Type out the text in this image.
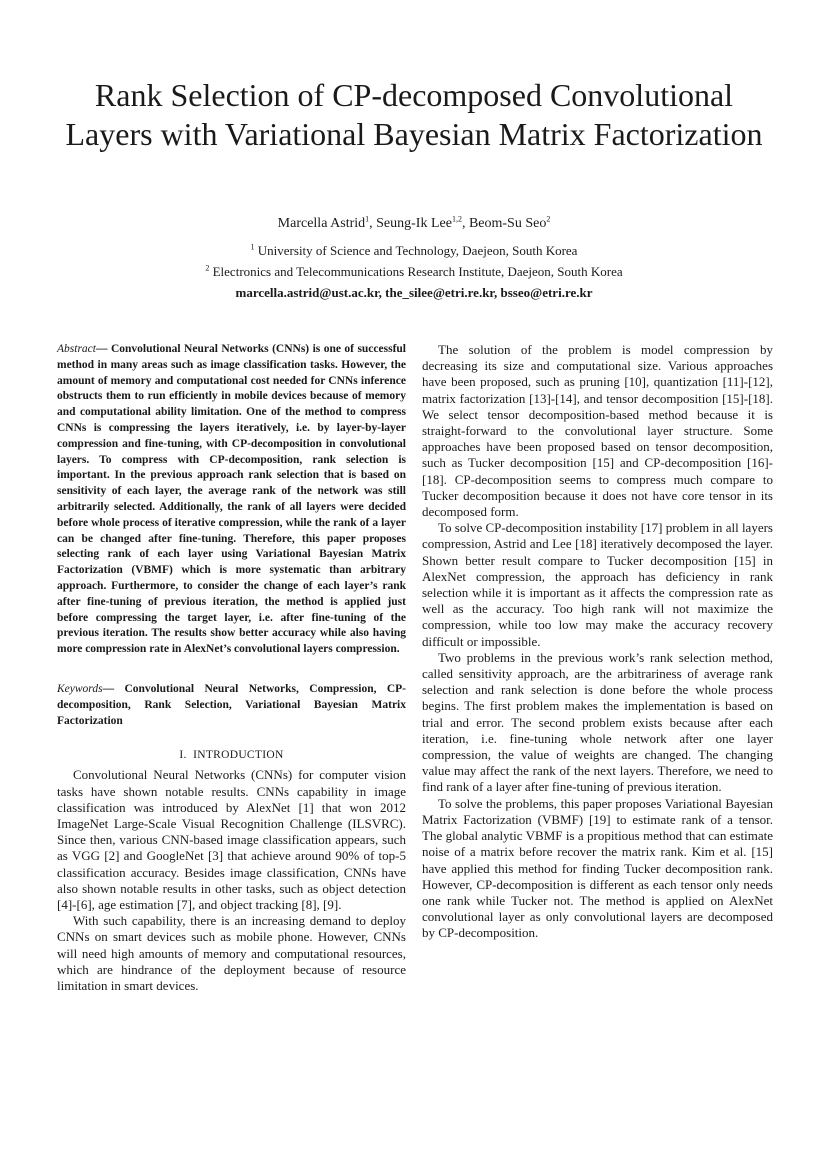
Rank Selection of CP-decomposed Convolutional Layers with Variational Bayesian Matrix Factorization
Marcella Astrid$^1$, Seung-Ik Lee$^{1,2}$, Beom-Su Seo$^2$
$^1$ University of Science and Technology, Daejeon, South Korea
$^2$ Electronics and Telecommunications Research Institute, Daejeon, South Korea
marcella.astrid@ust.ac.kr, the_silee@etri.re.kr, bsseo@etri.re.kr

Abstract— Convolutional Neural Networks (CNNs) is one of successful method in many areas such as image classification tasks. However, the amount of memory and computational cost needed for CNNs inference obstructs them to run efficiently in mobile devices because of memory and computational ability limitation. One of the method to compress CNNs is compressing the layers iteratively, i.e. by layer-by-layer compression and fine-tuning, with CP-decomposition in convolutional layers. To compress with CP-decomposition, rank selection is important. In the previous approach rank selection that is based on sensitivity of each layer, the average rank of the network was still arbitrarily selected. Additionally, the rank of all layers were decided before whole process of iterative compression, while the rank of a layer can be changed after fine-tuning. Therefore, this paper proposes selecting rank of each layer using Variational Bayesian Matrix Factorization (VBMF) which is more systematic than arbitrary approach. Furthermore, to consider the change of each layer’s rank after fine-tuning of previous iteration, the method is applied just before compressing the target layer, i.e. after fine-tuning of the previous iteration. The results show better accuracy while also having more compression rate in AlexNet’s convolutional layers compression.

Keywords— Convolutional Neural Networks, Compression, CP-decomposition, Rank Selection, Variational Bayesian Matrix Factorization

I. INTRODUCTION

Convolutional Neural Networks (CNNs) for computer vision tasks have shown notable results. CNNs capability in image classification was introduced by AlexNet [1] that won 2012 ImageNet Large-Scale Visual Recognition Challenge (ILSVRC). Since then, various CNN-based image classification appears, such as VGG [2] and GoogleNet [3] that achieve around 90% of top-5 classification accuracy. Besides image classification, CNNs have also shown notable results in other tasks, such as object detection [4]-[6], age estimation [7], and object tracking [8], [9].

With such capability, there is an increasing demand to deploy CNNs on smart devices such as mobile phone. However, CNNs will need high amounts of memory and computational resources, which are hindrance of the deployment because of resource limitation in smart devices.

The solution of the problem is model compression by decreasing its size and computational size. Various approaches have been proposed, such as pruning [10], quantization [11]-[12], matrix factorization [13]-[14], and tensor decomposition [15]-[18]. We select tensor decomposition-based method because it is straight-forward to the convolutional layer structure. Some approaches have been proposed based on tensor decomposition, such as Tucker decomposition [15] and CP-decomposition [16]-[18]. CP-decomposition seems to compress much compare to Tucker decomposition because it does not have core tensor in its decomposed form.

To solve CP-decomposition instability [17] problem in all layers compression, Astrid and Lee [18] iteratively decomposed the layer. Shown better result compare to Tucker decomposition [15] in AlexNet compression, the approach has deficiency in rank selection while it is important as it affects the compression rate as well as the accuracy. Too high rank will not maximize the compression, while too low may make the accuracy recovery difficult or impossible.

Two problems in the previous work’s rank selection method, called sensitivity approach, are the arbitrariness of average rank selection and rank selection is done before the whole process begins. The first problem makes the implementation is based on trial and error. The second problem exists because after each iteration, i.e. fine-tuning whole network after one layer compression, the value of weights are changed. The changing value may affect the rank of the next layers. Therefore, we need to find rank of a layer after fine-tuning of previous iteration.

To solve the problems, this paper proposes Variational Bayesian Matrix Factorization (VBMF) [19] to estimate rank of a tensor. The global analytic VBMF is a propitious method that can estimate noise of a matrix before recover the matrix rank. Kim et al. [15] have applied this method for finding Tucker decomposition rank. However, CP-decomposition is different as each tensor only needs one rank while Tucker not. The method is applied on AlexNet convolutional layer as only convolutional layers are decomposed by CP-decomposition.
